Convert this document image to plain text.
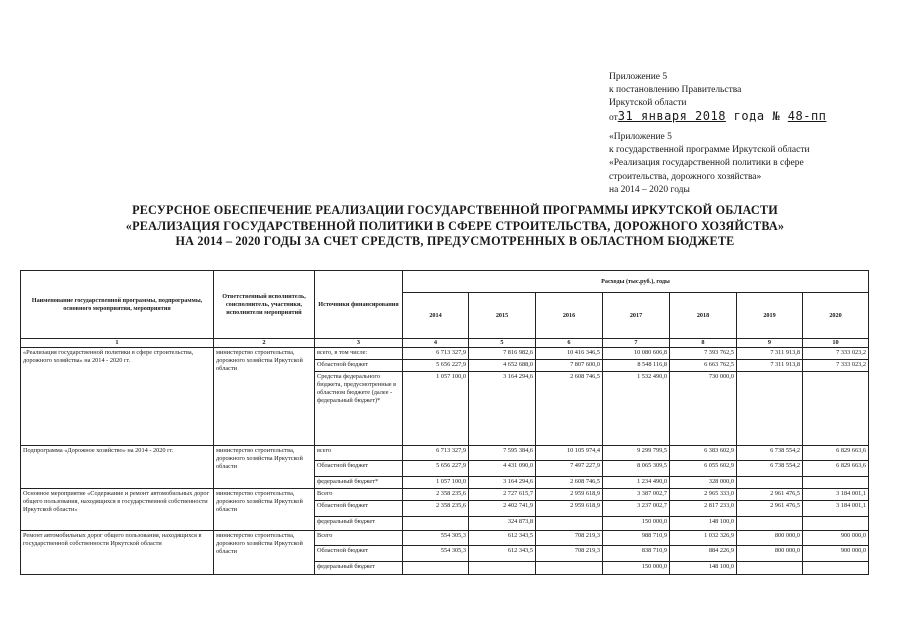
Приложение 5
к постановлению Правительства
Иркутской области
от31 января 2018 года № 48-пп
«Приложение 5
к государственной программе Иркутской области
«Реализация государственной политики в сфере
строительства, дорожного хозяйства»
на 2014 – 2020 годы
РЕСУРСНОЕ ОБЕСПЕЧЕНИЕ РЕАЛИЗАЦИИ ГОСУДАРСТВЕННОЙ ПРОГРАММЫ ИРКУТСКОЙ ОБЛАСТИ
«РЕАЛИЗАЦИЯ ГОСУДАРСТВЕННОЙ ПОЛИТИКИ В СФЕРЕ СТРОИТЕЛЬСТВА, ДОРОЖНОГО ХОЗЯЙСТВА»
НА 2014 – 2020 ГОДЫ ЗА СЧЕТ СРЕДСТВ, ПРЕДУСМОТРЕННЫХ В ОБЛАСТНОМ БЮДЖЕТЕ
Наименование государственной программы, подпрограммы, основного мероприятия, мероприятия	Ответственный исполнитель, соисполнитель, участники, исполнители мероприятий	Источники финансирования	Расходы (тыс.руб.), годы						
			2014	2015	2016	2017	2018	2019	2020
1	2	3	4	5	6	7	8	9	10
«Реализация государственной политики в сфере строительства, дорожного хозяйства» на 2014 - 2020 гг.	министерство строительства, дорожного хозяйства Иркутской области	всего, в том числе:	6 713 327,9	7 816 982,6	10 416 346,5	10 080 606,8	7 393 762,5	7 311 913,8	7 333 023,2
		Областной бюджет	5 656 227,9	4 652 688,0	7 807 600,0	8 548 116,8	6 663 762,5	7 311 913,8	7 333 023,2
		Средства федерального бюджета, предусмотренные в областном бюджете (далее - федеральный бюджет)*	1 057 100,0	3 164 294,6	2 608 746,5	1 532 490,0	730 000,0		
Подпрограмма «Дорожное хозяйство» на 2014 - 2020 гг.	министерство строительства, дорожного хозяйства Иркутской области	всего	6 713 327,9	7 595 384,6	10 105 974,4	9 299 799,5	6 383 602,9	6 738 554,2	6 829 663,6
		Областной бюджет	5 656 227,9	4 431 090,0	7 497 227,9	8 065 309,5	6 055 602,9	6 738 554,2	6 829 663,6
		федеральный бюджет*	1 057 100,0	3 164 294,6	2 608 746,5	1 234 490,0	328 000,0		
Основное мероприятие «Содержание и ремонт автомобильных дорог общего пользования, находящихся в государственной собственности Иркутской области»	министерство строительства, дорожного хозяйства Иркутской области	Всего	2 358 235,6	2 727 615,7	2 959 618,9	3 387 002,7	2 965 333,0	2 961 476,5	3 184 001,1
		Областной бюджет	2 358 235,6	2 402 741,9	2 959 618,9	3 237 002,7	2 817 233,0	2 961 476,5	3 184 001,1
		федеральный бюджет		324 873,8		150 000,0	148 100,0		
Ремонт автомобильных дорог общего пользования, находящихся в государственной собственности Иркутской области	министерство строительства, дорожного хозяйства Иркутской области	Всего	554 305,3	612 343,5	708 219,3	988 710,9	1 032 326,9	800 000,0	900 000,0
		Областной бюджет	554 305,3	612 343,5	708 219,3	838 710,9	884 226,9	800 000,0	900 000,0
		федеральный бюджет				150 000,0	148 100,0		
